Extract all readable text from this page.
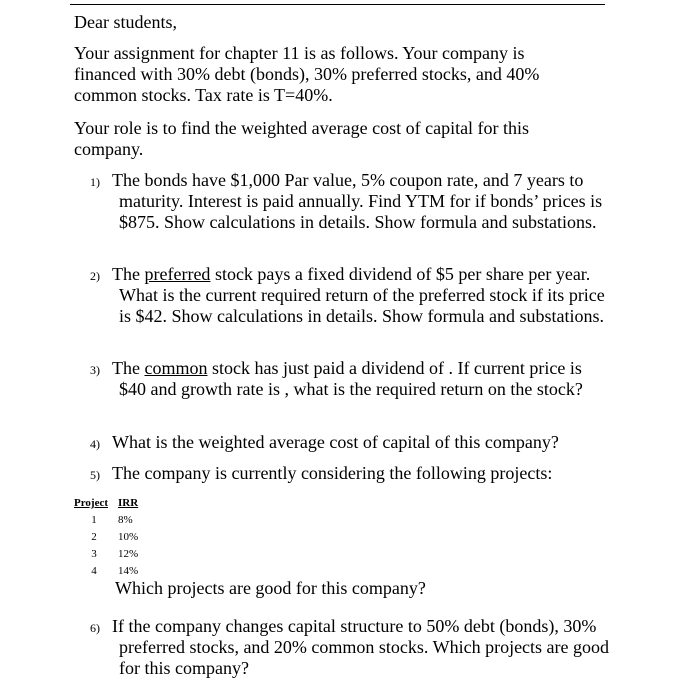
Dear students,

Your assignment for chapter 11 is as follows. Your company is financed with 30% debt (bonds), 30% preferred stocks, and 40% common stocks. Tax rate is T=40%.

Your role is to find the weighted average cost of capital for this company.

1) The bonds have $1,000 Par value, 5% coupon rate, and 7 years to maturity. Interest is paid annually. Find YTM for if bonds’ prices is $875. Show calculations in details. Show formula and substations.
2) The preferred stock pays a fixed dividend of $5 per share per year. What is the current required return of the preferred stock if its price is $42. Show calculations in details. Show formula and substations.
3) The common stock has just paid a dividend of . If current price is $40 and growth rate is , what is the required return on the stock?
4) What is the weighted average cost of capital of this company?
5) The company is currently considering the following projects:
Project	IRR
1	8%
2	10%
3	12%
4	14%
Which projects are good for this company?
6) If the company changes capital structure to 50% debt (bonds), 30% preferred stocks, and 20% common stocks. Which projects are good for this company?
